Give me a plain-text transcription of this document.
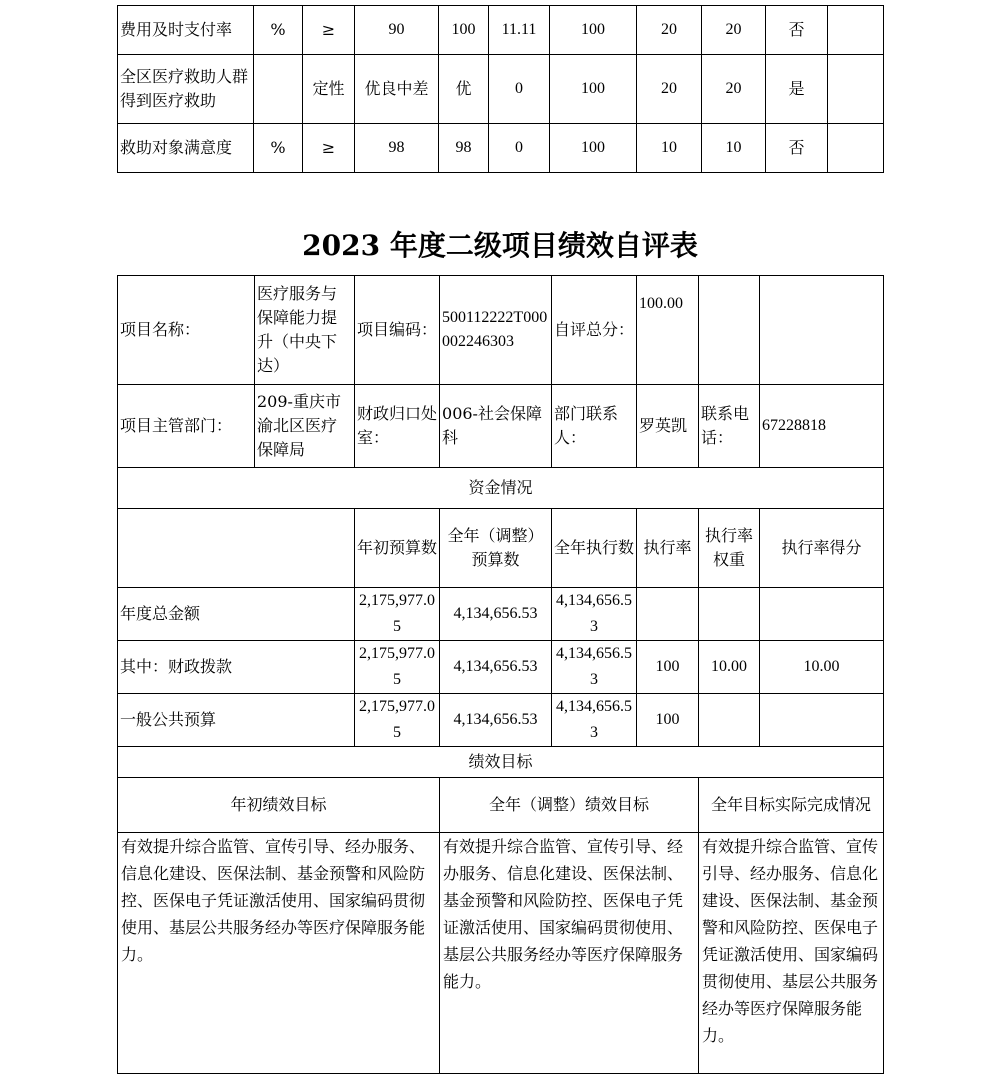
费用及时支付率	%	≥	90	100	11.11	100	20	20	否	
全区医疗救助人群得到医疗救助		定性	优良中差	优	0	100	20	20	是	
救助对象满意度	%	≥	98	98	0	100	10	10	否	
2023 年度二级项目绩效自评表
项目名称：	医疗服务与保障能力提升（中央下达）	项目编码：	500112222T000002246303	自评总分：	100.00		
项目主管部门：	209-重庆市渝北区医疗保障局	财政归口处室：	006-社会保障科	部门联系人：	罗英凯	联系电话：	67228818
资金情况							
		年初预算数	全年（调整）预算数	全年执行数	执行率	执行率权重	执行率得分
年度总金额		2,175,977.05	4,134,656.53	4,134,656.53			
其中：财政拨款		2,175,977.05	4,134,656.53	4,134,656.53	100	10.00	10.00
一般公共预算		2,175,977.05	4,134,656.53	4,134,656.53	100		
绩效目标							
年初绩效目标			全年（调整）绩效目标			全年目标实际完成情况	
有效提升综合监管、宣传引导、经办服务、信息化建设、医保法制、基金预警和风险防控、医保电子凭证激活使用、国家编码贯彻使用、基层公共服务经办等医疗保障服务能力。			有效提升综合监管、宣传引导、经办服务、信息化建设、医保法制、基金预警和风险防控、医保电子凭证激活使用、国家编码贯彻使用、基层公共服务经办等医疗保障服务能力。			有效提升综合监管、宣传引导、经办服务、信息化建设、医保法制、基金预警和风险防控、医保电子凭证激活使用、国家编码贯彻使用、基层公共服务经办等医疗保障服务能力。	
